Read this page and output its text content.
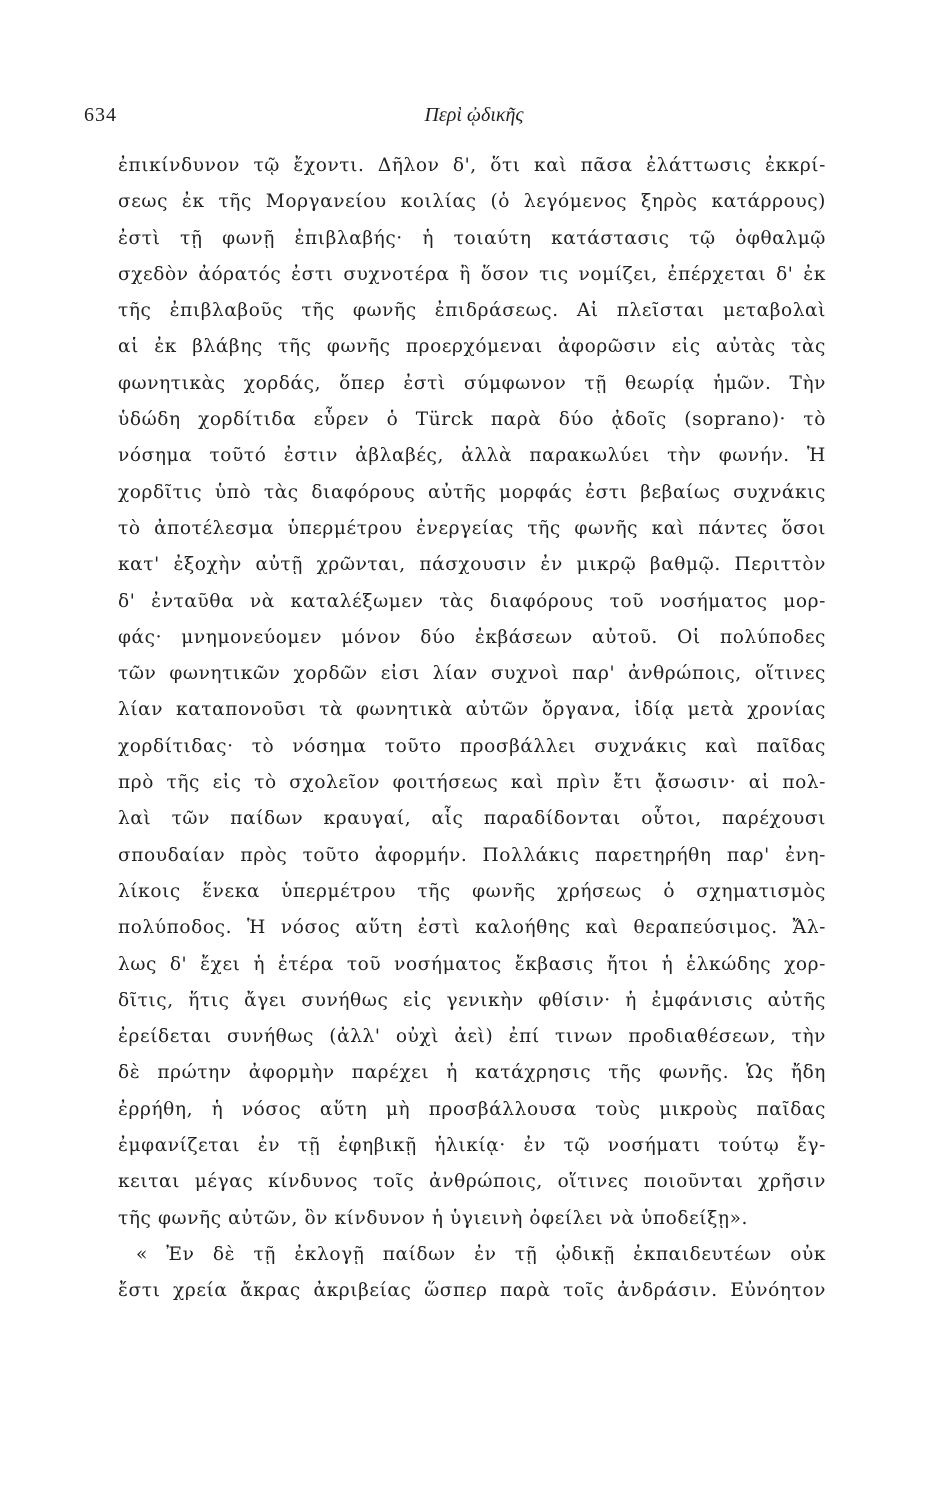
634	Περὶ ᾠδικῆς
ἐπικίνδυνον τῷ ἔχοντι. Δῆλον δ', ὅτι καὶ πᾶσα ἐλάττωσις ἐκκρί-
σεως ἐκ τῆς Μοργανείου κοιλίας (ὁ λεγόμενος ξηρὸς κατάρρους)
ἐστὶ τῇ φωνῇ ἐπιβλαβής· ἡ τοιαύτη κατάστασις τῷ ὀφθαλμῷ
σχεδὸν ἀόρατός ἐστι συχνοτέρα ἢ ὅσον τις νομίζει, ἐπέρχεται δ' ἐκ
τῆς ἐπιβλαβοῦς τῆς φωνῆς ἐπιδράσεως. Αἱ πλεῖσται μεταβολαὶ
αἱ ἐκ βλάβης τῆς φωνῆς προερχόμεναι ἀφορῶσιν εἰς αὐτὰς τὰς
φωνητικὰς χορδάς, ὅπερ ἐστὶ σύμφωνον τῇ θεωρίᾳ ἡμῶν. Τὴν
ὑδώδη χορδίτιδα εὗρεν ὁ Türck παρὰ δύο ᾀδοῖς (soprano)· τὸ
νόσημα τοῦτό ἐστιν ἀβλαβές, ἀλλὰ παρακωλύει τὴν φωνήν. Ἡ
χορδῖτις ὑπὸ τὰς διαφόρους αὐτῆς μορφάς ἐστι βεβαίως συχνάκις
τὸ ἀποτέλεσμα ὑπερμέτρου ἐνεργείας τῆς φωνῆς καὶ πάντες ὅσοι
κατ' ἐξοχὴν αὐτῇ χρῶνται, πάσχουσιν ἐν μικρῷ βαθμῷ. Περιττὸν
δ' ἐνταῦθα νὰ καταλέξωμεν τὰς διαφόρους τοῦ νοσήματος μορ-
φάς· μνημονεύομεν μόνον δύο ἐκβάσεων αὐτοῦ. Οἱ πολύποδες
τῶν φωνητικῶν χορδῶν εἰσι λίαν συχνοὶ παρ' ἀνθρώποις, οἵτινες
λίαν καταπονοῦσι τὰ φωνητικὰ αὐτῶν ὄργανα, ἰδίᾳ μετὰ χρονίας
χορδίτιδας· τὸ νόσημα τοῦτο προσβάλλει συχνάκις καὶ παῖδας
πρὸ τῆς εἰς τὸ σχολεῖον φοιτήσεως καὶ πρὶν ἔτι ᾄσωσιν· αἱ πολ-
λαὶ τῶν παίδων κραυγαί, αἷς παραδίδονται οὗτοι, παρέχουσι
σπουδαίαν πρὸς τοῦτο ἀφορμήν. Πολλάκις παρετηρήθη παρ' ἐνη-
λίκοις ἕνεκα ὑπερμέτρου τῆς φωνῆς χρήσεως ὁ σχηματισμὸς
πολύποδος. Ἡ νόσος αὕτη ἐστὶ καλοήθης καὶ θεραπεύσιμος. Ἄλ-
λως δ' ἔχει ἡ ἑτέρα τοῦ νοσήματος ἔκβασις ἤτοι ἡ ἑλκώδης χορ-
δῖτις, ἥτις ἄγει συνήθως εἰς γενικὴν φθίσιν· ἡ ἐμφάνισις αὐτῆς
ἐρείδεται συνήθως (ἀλλ' οὐχὶ ἀεὶ) ἐπί τινων προδιαθέσεων, τὴν
δὲ πρώτην ἀφορμὴν παρέχει ἡ κατάχρησις τῆς φωνῆς. Ὡς ἤδη
ἐρρήθη, ἡ νόσος αὕτη μὴ προσβάλλουσα τοὺς μικροὺς παῖδας
ἐμφανίζεται ἐν τῇ ἐφηβικῇ ἡλικίᾳ· ἐν τῷ νοσήματι τούτῳ ἔγ-
κειται μέγας κίνδυνος τοῖς ἀνθρώποις, οἵτινες ποιοῦνται χρῆσιν
τῆς φωνῆς αὐτῶν, ὃν κίνδυνον ἡ ὑγιεινὴ ὀφείλει νὰ ὑποδείξῃ».
« Ἐν δὲ τῇ ἐκλογῇ παίδων ἐν τῇ ᾠδικῇ ἐκπαιδευτέων οὐκ
ἔστι χρεία ἄκρας ἀκριβείας ὥσπερ παρὰ τοῖς ἀνδράσιν. Εὐνόητον
